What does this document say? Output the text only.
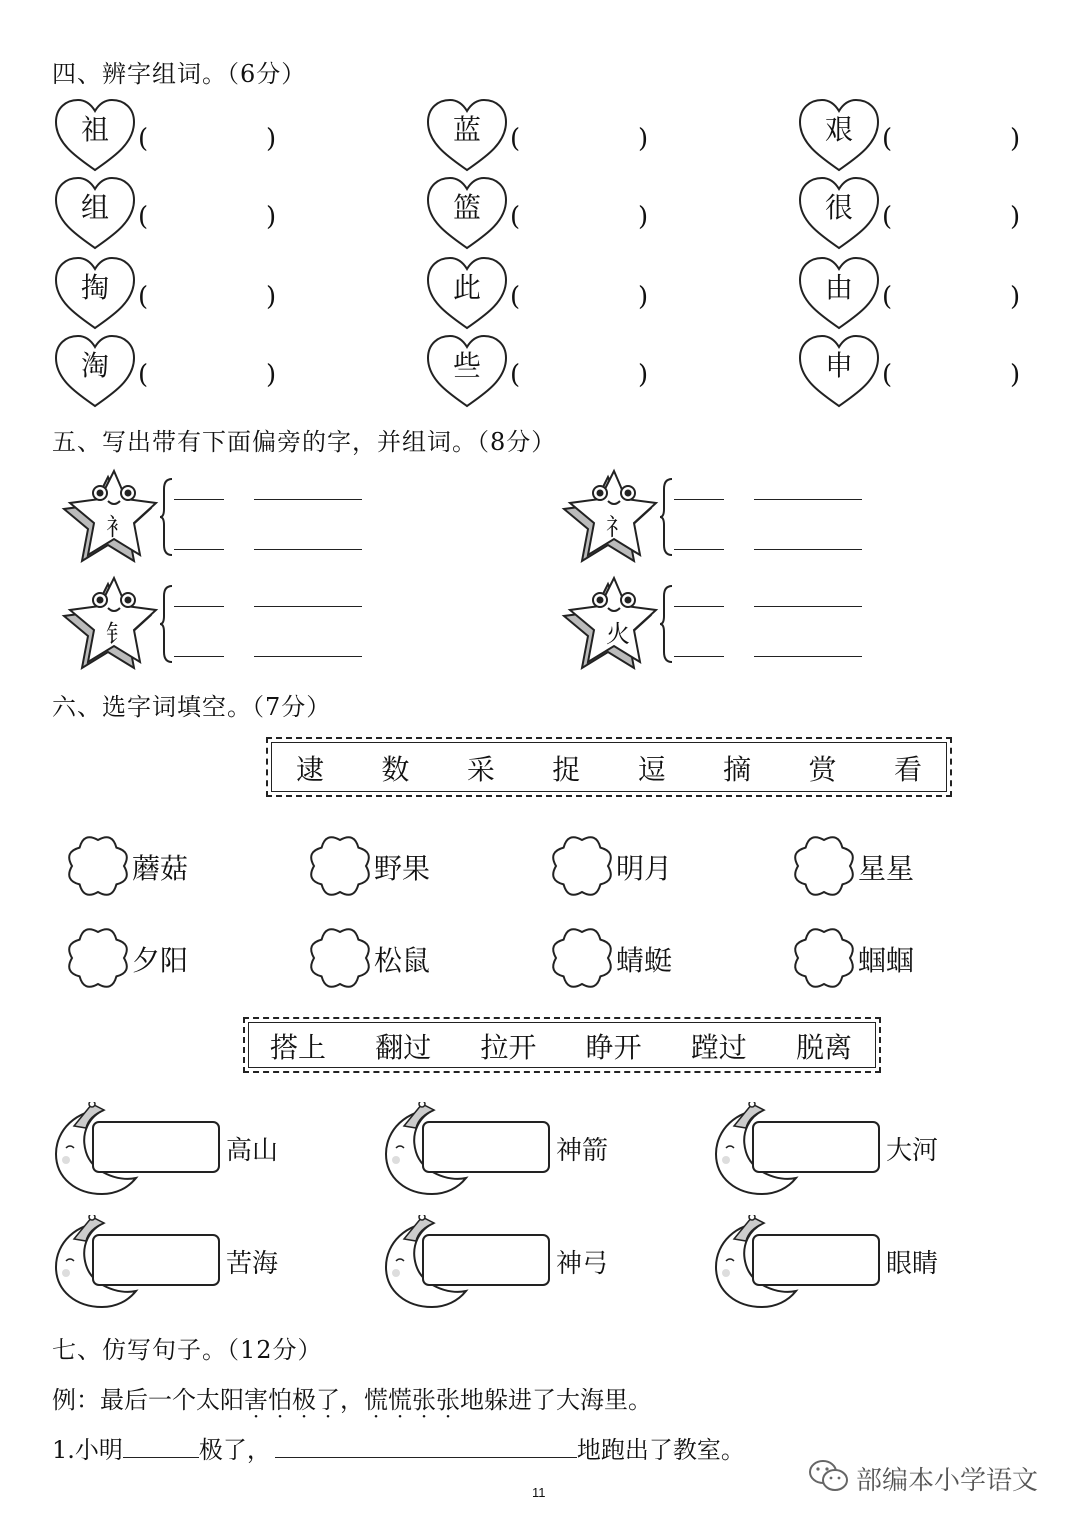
四、辨字组词。（6分）
祖	(	)	蓝	(	)	艰	(	)
组	(	)	篮	(	)	很	(	)
掏	(	)	此	(	)	由	(	)
淘	(	)	些	(	)	申	(	)
五、写出带有下面偏旁的字，并组词。（8分）
衤	礻
钅	火
六、选字词填空。（7分）
逮 数 采 捉 逗 摘 赏 看
蘑菇	野果	明月	星星
夕阳	松鼠	蜻蜓	蝈蝈
搭上 翻过 拉开 睁开 蹚过 脱离
高山	神箭	大河
苦海	神弓	眼睛
七、仿写句子。（12分）
例：最后一个太阳害怕极了，慌慌张张地躲进了大海里。
1.小明	极了，	地跑出了教室。
11	部编本小学语文
